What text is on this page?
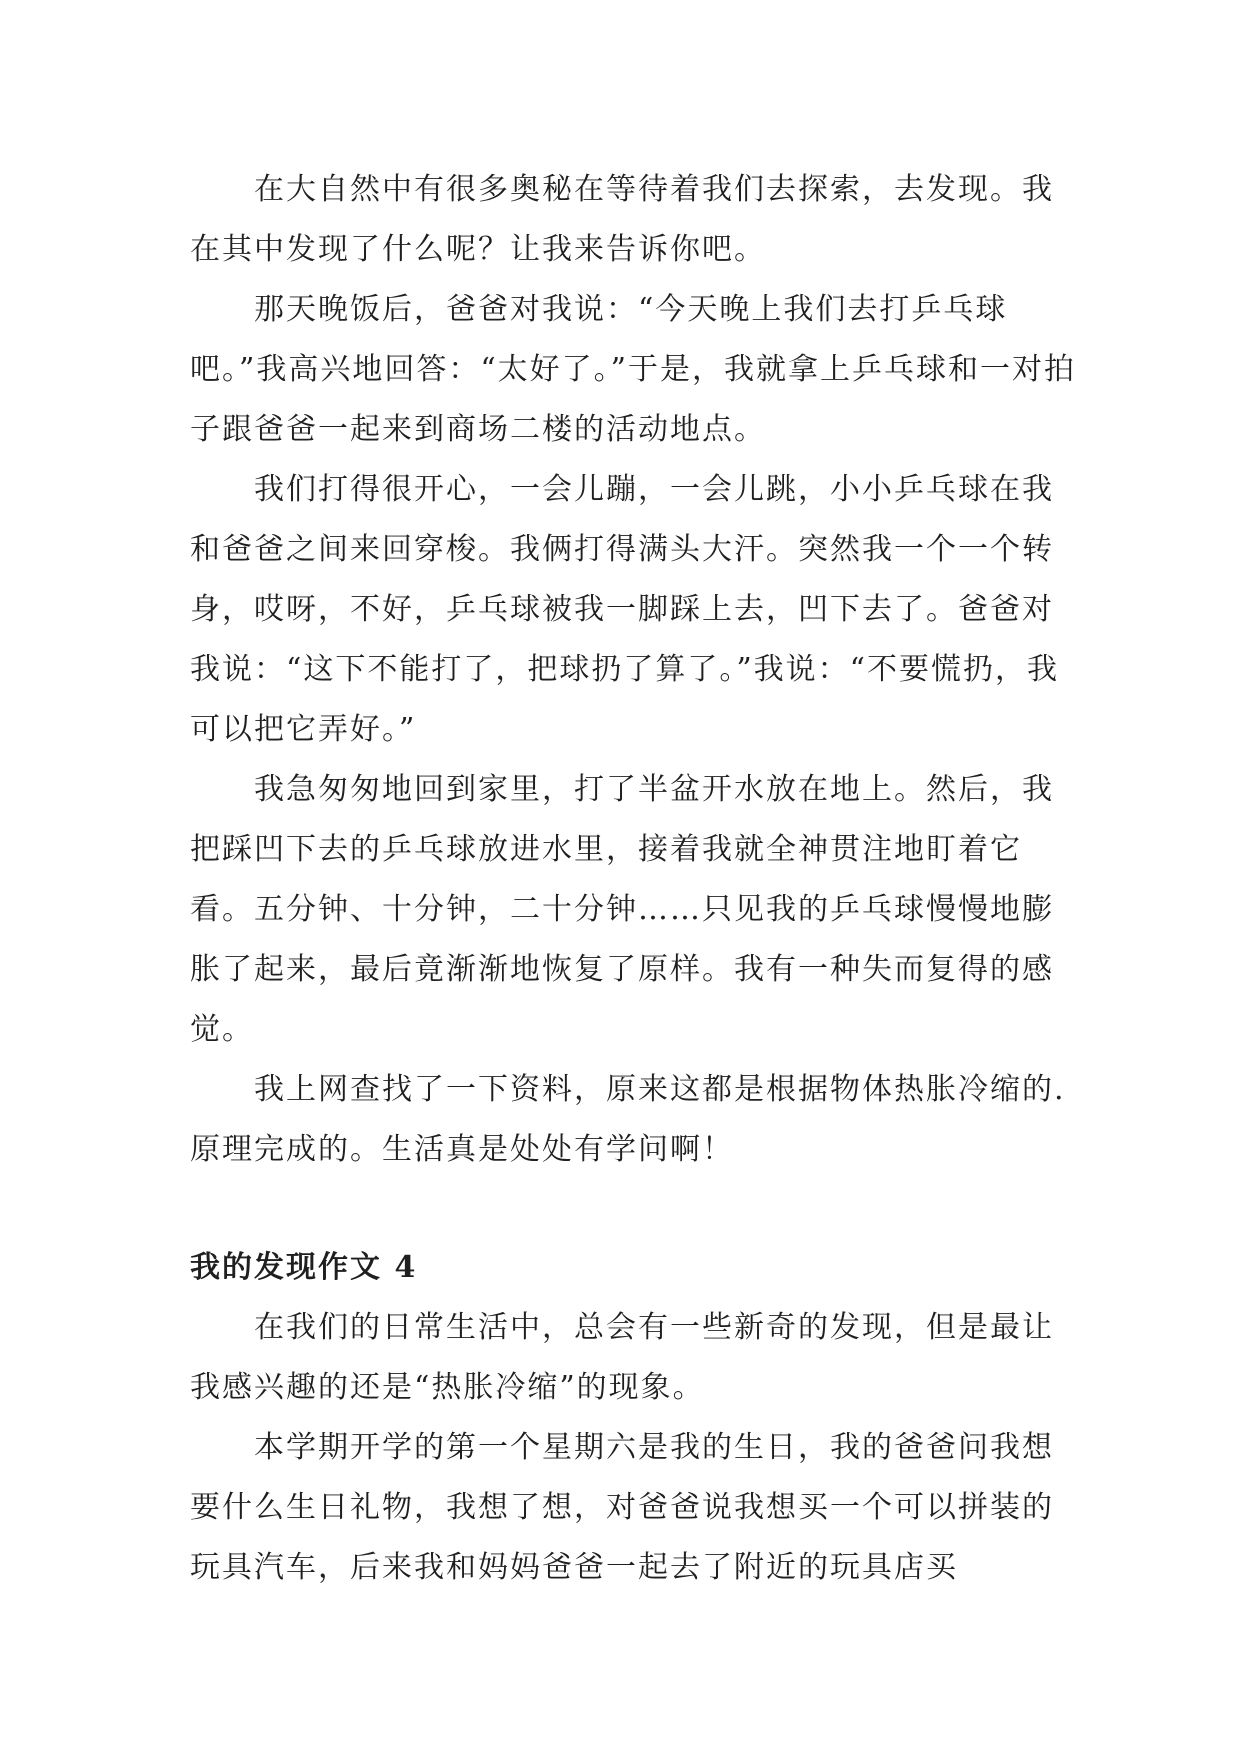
在大自然中有很多奥秘在等待着我们去探索，去发现。我在其中发现了什么呢？让我来告诉你吧。

那天晚饭后，爸爸对我说：“今天晚上我们去打乒乓球吧。”我高兴地回答：“太好了。”于是，我就拿上乒乓球和一对拍子跟爸爸一起来到商场二楼的活动地点。

我们打得很开心，一会儿蹦，一会儿跳，小小乒乓球在我和爸爸之间来回穿梭。我俩打得满头大汗。突然我一个一个转身，哎呀，不好，乒乓球被我一脚踩上去，凹下去了。爸爸对我说：“这下不能打了，把球扔了算了。”我说：“不要慌扔，我可以把它弄好。”

我急匆匆地回到家里，打了半盆开水放在地上。然后，我把踩凹下去的乒乓球放进水里，接着我就全神贯注地盯着它看。五分钟、十分钟，二十分钟……只见我的乒乓球慢慢地膨胀了起来，最后竟渐渐地恢复了原样。我有一种失而复得的感觉。

我上网查找了一下资料，原来这都是根据物体热胀冷缩的.原理完成的。生活真是处处有学问啊！

我的发现作文 4

在我们的日常生活中，总会有一些新奇的发现，但是最让我感兴趣的还是“热胀冷缩”的现象。

本学期开学的第一个星期六是我的生日，我的爸爸问我想要什么生日礼物，我想了想，对爸爸说我想买一个可以拼装的玩具汽车，后来我和妈妈爸爸一起去了附近的玩具店买
